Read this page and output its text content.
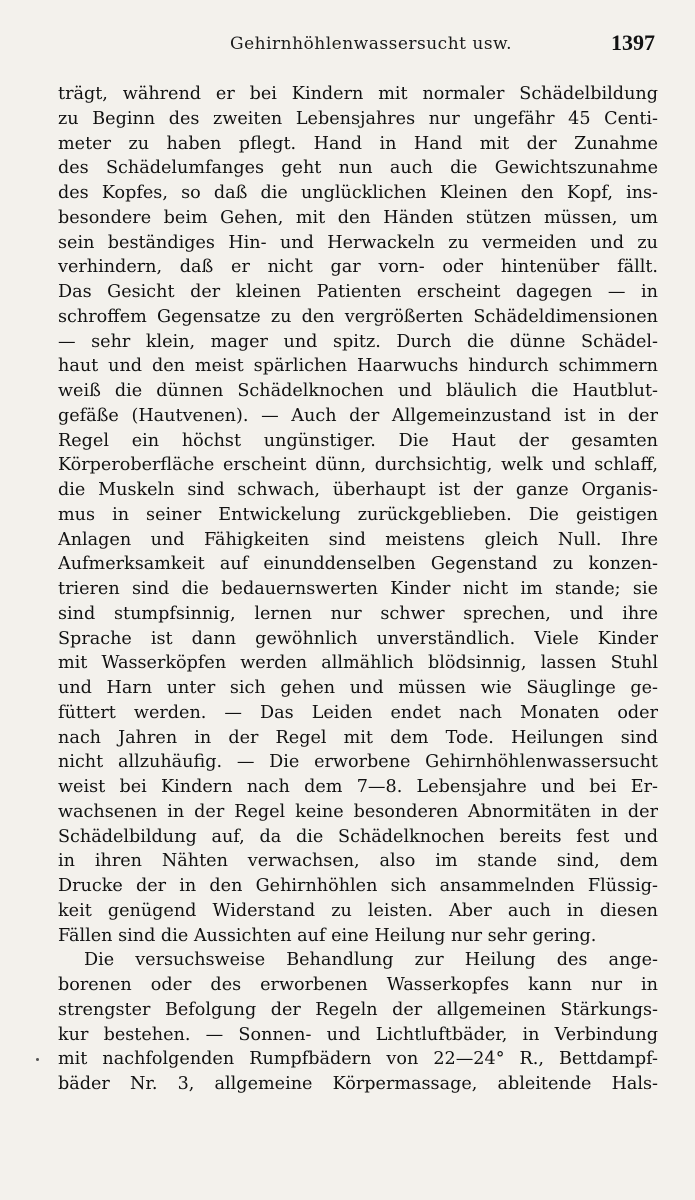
Gehirnhöhlenwassersucht usw.	1397
trägt, während er bei Kindern mit normaler Schädelbildung
zu Beginn des zweiten Lebensjahres nur ungefähr 45 Centi-
meter zu haben pflegt. Hand in Hand mit der Zunahme
des Schädelumfanges geht nun auch die Gewichtszunahme
des Kopfes, so daß die unglücklichen Kleinen den Kopf, ins-
besondere beim Gehen, mit den Händen stützen müssen, um
sein beständiges Hin- und Herwackeln zu vermeiden und zu
verhindern, daß er nicht gar vorn- oder hintenüber fällt.
Das Gesicht der kleinen Patienten erscheint dagegen — in
schroffem Gegensatze zu den vergrößerten Schädeldimensionen
— sehr klein, mager und spitz. Durch die dünne Schädel-
haut und den meist spärlichen Haarwuchs hindurch schimmern
weiß die dünnen Schädelknochen und bläulich die Hautblut-
gefäße (Hautvenen). — Auch der Allgemeinzustand ist in der
Regel ein höchst ungünstiger. Die Haut der gesamten
Körperoberfläche erscheint dünn, durchsichtig, welk und schlaff,
die Muskeln sind schwach, überhaupt ist der ganze Organis-
mus in seiner Entwickelung zurückgeblieben. Die geistigen
Anlagen und Fähigkeiten sind meistens gleich Null. Ihre
Aufmerksamkeit auf einunddenselben Gegenstand zu konzen-
trieren sind die bedauernswerten Kinder nicht im stande; sie
sind stumpfsinnig, lernen nur schwer sprechen, und ihre
Sprache ist dann gewöhnlich unverständlich. Viele Kinder
mit Wasserköpfen werden allmählich blödsinnig, lassen Stuhl
und Harn unter sich gehen und müssen wie Säuglinge ge-
füttert werden. — Das Leiden endet nach Monaten oder
nach Jahren in der Regel mit dem Tode. Heilungen sind
nicht allzuhäufig. — Die erworbene Gehirnhöhlenwassersucht
weist bei Kindern nach dem 7—8. Lebensjahre und bei Er-
wachsenen in der Regel keine besonderen Abnormitäten in der
Schädelbildung auf, da die Schädelknochen bereits fest und
in ihren Nähten verwachsen, also im stande sind, dem
Drucke der in den Gehirnhöhlen sich ansammelnden Flüssig-
keit genügend Widerstand zu leisten. Aber auch in diesen
Fällen sind die Aussichten auf eine Heilung nur sehr gering.
Die versuchsweise Behandlung zur Heilung des ange-
borenen oder des erworbenen Wasserkopfes kann nur in
strengster Befolgung der Regeln der allgemeinen Stärkungs-
kur bestehen. — Sonnen- und Lichtluftbäder, in Verbindung
mit nachfolgenden Rumpfbädern von 22—24° R., Bettdampf-
bäder Nr. 3, allgemeine Körpermassage, ableitende Hals-
